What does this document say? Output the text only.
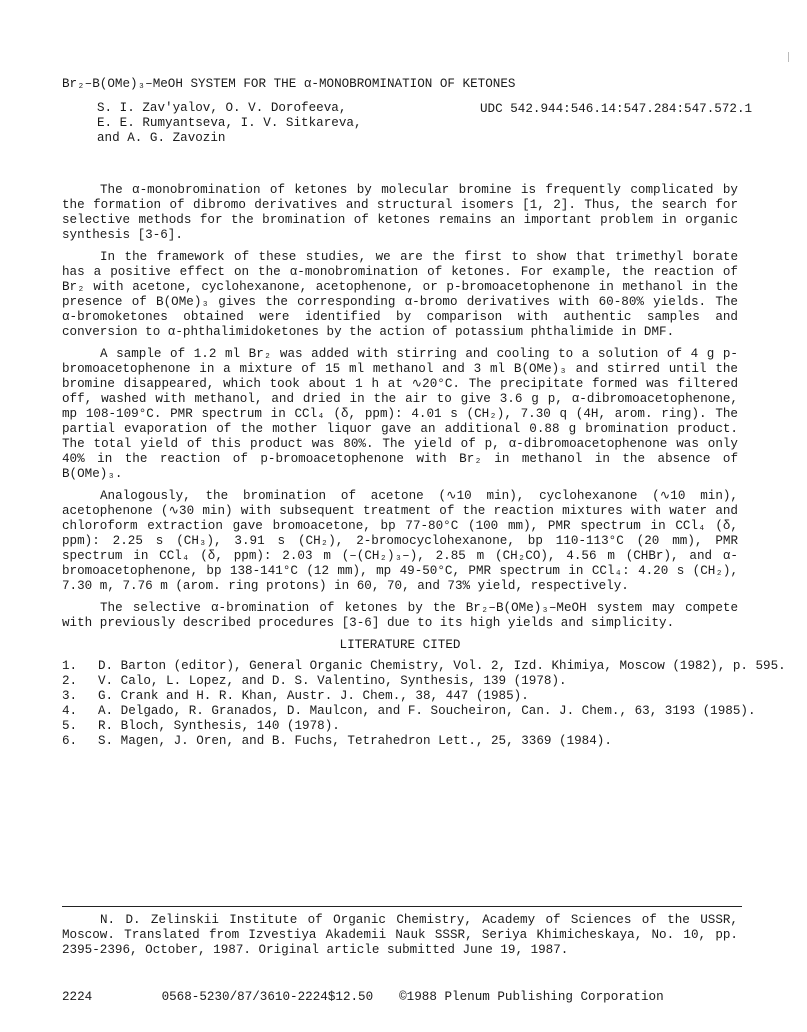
Br₂–B(OMe)₃–MeOH SYSTEM FOR THE α-MONOBROMINATION OF KETONES
S. I. Zav'yalov, O. V. Dorofeeva,
E. E. Rumyantseva, I. V. Sitkareva,
and A. G. Zavozin
UDC 542.944:546.14:547.284:547.572.1

The α-monobromination of ketones by molecular bromine is frequently complicated by the formation of dibromo derivatives and structural isomers [1, 2]. Thus, the search for selective methods for the bromination of ketones remains an important problem in organic synthesis [3-6].

In the framework of these studies, we are the first to show that trimethyl borate has a positive effect on the α-monobromination of ketones. For example, the reaction of Br₂ with acetone, cyclohexanone, acetophenone, or p-bromoacetophenone in methanol in the presence of B(OMe)₃ gives the corresponding α-bromo derivatives with 60-80% yields. The α-bromoketones obtained were identified by comparison with authentic samples and conversion to α-phthalimidoketones by the action of potassium phthalimide in DMF.

A sample of 1.2 ml Br₂ was added with stirring and cooling to a solution of 4 g p-bromoacetophenone in a mixture of 15 ml methanol and 3 ml B(OMe)₃ and stirred until the bromine disappeared, which took about 1 h at ∿20°C. The precipitate formed was filtered off, washed with methanol, and dried in the air to give 3.6 g p, α-dibromoacetophenone, mp 108-109°C. PMR spectrum in CCl₄ (δ, ppm): 4.01 s (CH₂), 7.30 q (4H, arom. ring). The partial evaporation of the mother liquor gave an additional 0.88 g bromination product. The total yield of this product was 80%. The yield of p, α-dibromoacetophenone was only 40% in the reaction of p-bromoacetophenone with Br₂ in methanol in the absence of B(OMe)₃.

Analogously, the bromination of acetone (∿10 min), cyclohexanone (∿10 min), acetophenone (∿30 min) with subsequent treatment of the reaction mixtures with water and chloroform extraction gave bromoacetone, bp 77-80°C (100 mm), PMR spectrum in CCl₄ (δ, ppm): 2.25 s (CH₃), 3.91 s (CH₂), 2-bromocyclohexanone, bp 110-113°C (20 mm), PMR spectrum in CCl₄ (δ, ppm): 2.03 m (–(CH₂)₃–), 2.85 m (CH₂CO), 4.56 m (CHBr), and α-bromoacetophenone, bp 138-141°C (12 mm), mp 49-50°C, PMR spectrum in CCl₄: 4.20 s (CH₂), 7.30 m, 7.76 m (arom. ring protons) in 60, 70, and 73% yield, respectively.

The selective α-bromination of ketones by the Br₂–B(OMe)₃–MeOH system may compete with previously described procedures [3-6] due to its high yields and simplicity.

LITERATURE CITED
1.	D. Barton (editor), General Organic Chemistry, Vol. 2, Izd. Khimiya, Moscow (1982), p. 595.
2.	V. Calo, L. Lopez, and D. S. Valentino, Synthesis, 139 (1978).
3.	G. Crank and H. R. Khan, Austr. J. Chem., 38, 447 (1985).
4.	A. Delgado, R. Granados, D. Maulcon, and F. Soucheiron, Can. J. Chem., 63, 3193 (1985).
5.	R. Bloch, Synthesis, 140 (1978).
6.	S. Magen, J. Oren, and B. Fuchs, Tetrahedron Lett., 25, 3369 (1984).

N. D. Zelinskii Institute of Organic Chemistry, Academy of Sciences of the USSR, Moscow. Translated from Izvestiya Akademii Nauk SSSR, Seriya Khimicheskaya, No. 10, pp. 2395-2396, October, 1987. Original article submitted June 19, 1987.

2224	0568-5230/87/3610-2224$12.50 ©1988 Plenum Publishing Corporation
